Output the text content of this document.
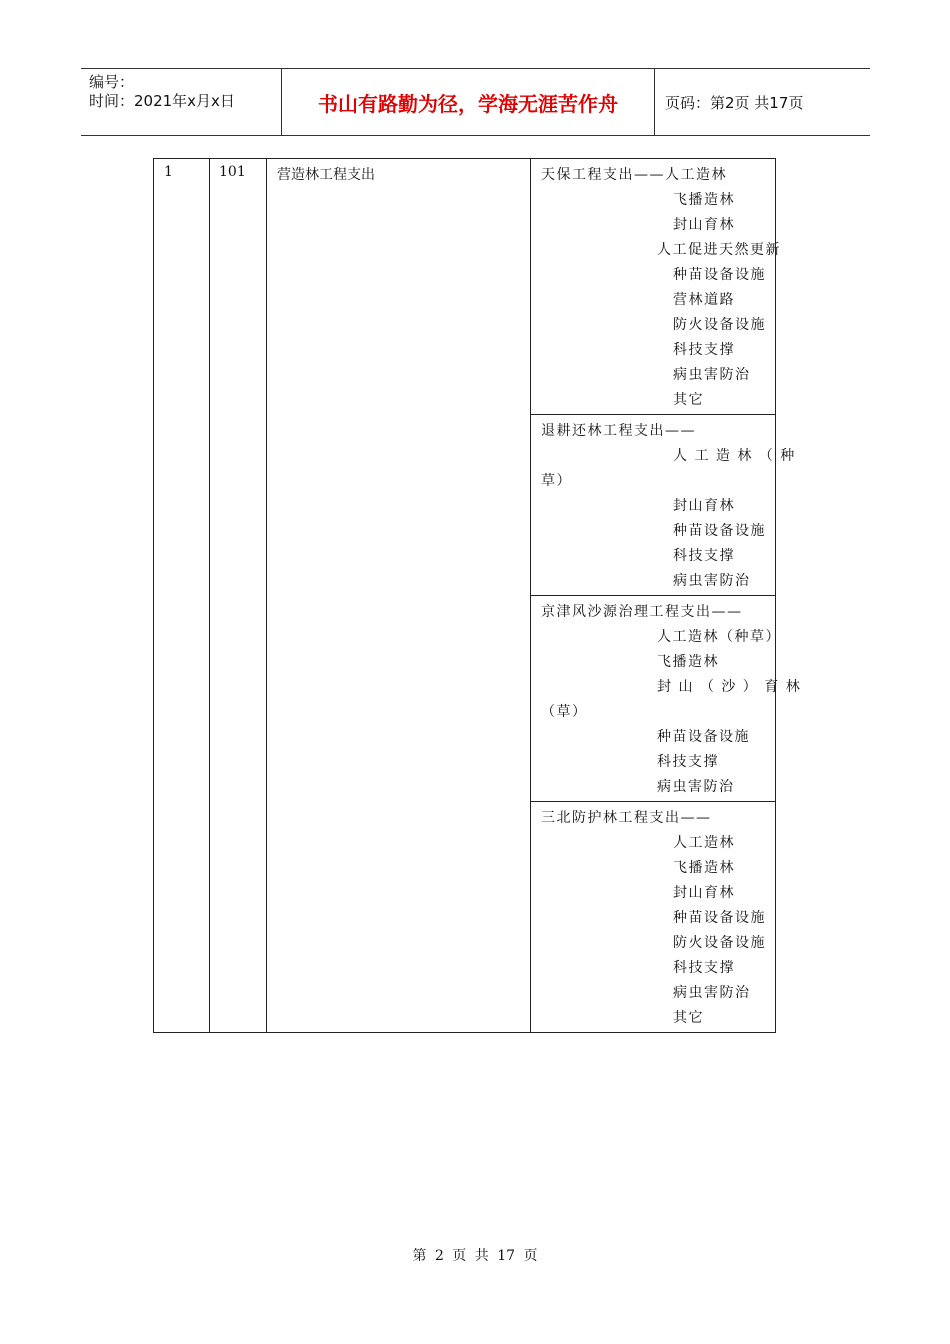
编号：
时间：2021年x月x日	书山有路勤为径，学海无涯苦作舟	页码：第2页 共17页
1	101	营造林工程支出	天保工程支出——人工造林
飞播造林
封山育林
人工促进天然更新
种苗设备设施
营林道路
防火设备设施
科技支撑
病虫害防治
其它

退耕还林工程支出——
人 工 造 林 （ 种
草）
封山育林
种苗设备设施
科技支撑
病虫害防治

京津风沙源治理工程支出——
人工造林（种草）
飞播造林
封 山 （ 沙 ） 育 林
（草）
种苗设备设施
科技支撑
病虫害防治

三北防护林工程支出——
人工造林
飞播造林
封山育林
种苗设备设施
防火设备设施
科技支撑
病虫害防治
其它
第 2 页 共 17 页
